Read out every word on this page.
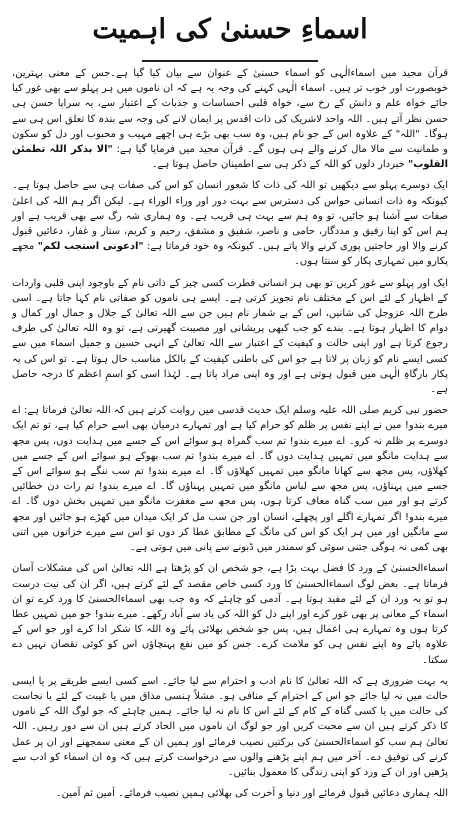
اسماءِ حسنیٰ کی اہمیت

قرآن مجید میں اسماءالٰہی کو اسماء حسنیٰ کے عنوان سے بیان کیا گیا ہے۔جس کے معنی بہترین، خوبصورت اور خوب تر ہیں۔ اسماء الٰہی کہنے کی وجہ یہ ہے کہ ان ناموں میں ہر پہلو سے بھی غور کیا جائے خواہ علم و دانش کے رخ سے، خواہ قلبی احساسات و جذبات کے اعتبار سے، یہ سراپا حسن ہی حسن نظر آتے ہیں۔ اللہ واحد لاشریک کی ذات اقدس پر ایمان لانے کی وجہ سے بندہ کا تعلق اس ہی سے ہوگا۔ "اللہ" کے علاوہ اس کے جو نام ہیں، وہ سب بھی بڑے ہی اچھے مہیب و محبوب اور دل کو سکون و طمانیت سے مالا مال کرنے والے ہی ہوں گے۔ قرآن مجید میں فرمایا گیا ہے: "الا بذکر اللہ تطمئن القلوب" خبردار دلوں کو اللہ کے ذکر ہی سے اطمینان حاصل ہوتا ہے۔

ایک دوسرے پہلو سے دیکھیں تو اللہ کی ذات کا شعور انسان کو اس کی صفات ہی سے حاصل ہوتا ہے۔ کیونکہ وہ ذات انسانی حواس کی دسترس سے بہت دور اور وراء الوراء ہے۔ لیکن اگر ہم اللہ کی اعلیٰ صفات سے آشنا ہو جائیں، تو وہ ہم سے بہت ہی قریب ہے۔ وہ ہماری شہ رگ سے بھی قریب ہے اور ہم اس کو اپنا رفیق و مددگار، حامی و ناصر، شفیق و مشفق، رحیم و کریم، ستار و غفار، دعائیں قبول کرنے والا اور حاجتیں پوری کرنے والا پاتے ہیں۔ کیونکہ وہ خود فرماتا ہے: "ادعونی استجب لکم" مجھے پکارو میں تمہاری پکار کو سنتا ہوں۔

ایک اور پہلو سے غور کریں تو بھی ہر انسانی فطرت کسی چیز کے ذاتی نام کے باوجود اپنی قلبی واردات کے اظہار کے لئے اس کے مختلف نام تجویز کرتی ہے۔ ایسے ہی ناموں کو صفاتی نام کہا جاتا ہے۔ اسی طرح اللہ عزوجل کی شانیں، اس کے بے شمار نام ہیں جن سے اللہ تعالیٰ کے جلال و جمال اور کمال و دوام کا اظہار ہوتا ہے۔ بندے کو جب کبھی پریشانی اور مصیبت گھیرتی ہے، تو وہ اللہ تعالیٰ کی طرف رجوع کرتا ہے اور اپنی حالت و کیفیت کے اعتبار سے اللہ تعالیٰ کے انہی حسین و جمیل اسماء میں سے کسی ایسے نام کو زبان پر لاتا ہے جو اس کی باطنی کیفیت کے بالکل مناسب حال ہوتا ہے۔ تو اس کی یہ پکار بارگاہِ الٰہی میں قبول ہوتی ہے اور وہ اپنی مراد پاتا ہے۔ لہٰذا اسی کو اسمِ اعظم کا درجہ حاصل ہے۔

حضور نبی کریم صلی اللہ علیہ وسلم ایک حدیث قدسی میں روایت کرتے ہیں کہ اللہ تعالیٰ فرماتا ہے: اے میرے بندو! میں نے اپنے نفس پر ظلم کو حرام کیا ہے اور تمہارے درمیان بھی اسے حرام کیا ہے، تو تم ایک دوسرے پر ظلم نہ کرو۔ اے میرے بندو! تم سب گمراہ ہو سوائے اس کے جسے میں ہدایت دوں، پس مجھ سے ہدایت مانگو میں تمہیں ہدایت دوں گا۔ اے میرے بندو! تم سب بھوکے ہو سوائے اس کے جسے میں کھلاؤں، پس مجھ سے کھانا مانگو میں تمہیں کھلاؤں گا۔ اے میرے بندو! تم سب ننگے ہو سوائے اس کے جسے میں پہناؤں، پس مجھ سے لباس مانگو میں تمہیں پہناؤں گا۔ اے میرے بندو! تم رات دن خطائیں کرتے ہو اور میں سب گناہ معاف کرتا ہوں، پس مجھ سے مغفرت مانگو میں تمہیں بخش دوں گا۔ اے میرے بندو! اگر تمہارے اگلے اور پچھلے، انسان اور جن سب مل کر ایک میدان میں کھڑے ہو جائیں اور مجھ سے مانگیں اور میں ہر ایک کو اس کی مانگ کے مطابق عطا کر دوں تو اس سے میرے خزانوں میں اتنی بھی کمی نہ ہوگی جتنی سوئی کو سمندر میں ڈبونے سے پانی میں ہوتی ہے۔

اسماءالحسنیٰ کے ورد کا فضل بہت بڑا ہے، جو شخص ان کو پڑھتا ہے اللہ تعالیٰ اس کی مشکلات آسان فرماتا ہے۔ بعض لوگ اسماءالحسنیٰ کا ورد کسی خاص مقصد کے لئے کرتے ہیں، اگر ان کی نیت درست ہو تو یہ ورد ان کے لئے مفید ہوتا ہے۔ آدمی کو چاہئے کہ وہ جب بھی اسماءالحسنیٰ کا ورد کرے تو ان اسماء کے معانی پر بھی غور کرے اور اپنے دل کو اللہ کی یاد سے آباد رکھے۔ میرے بندو! جو میں تمہیں عطا کرتا ہوں وہ تمہارے ہی اعمال ہیں، پس جو شخص بھلائی پائے وہ اللہ کا شکر ادا کرے اور جو اس کے علاوہ پائے وہ اپنے نفس ہی کو ملامت کرے۔ جس کو میں نفع پہنچاؤں اس کو کوئی نقصان نہیں دے سکتا۔

یہ بہت ضروری ہے کہ اللہ تعالیٰ کا نام ادب و احترام سے لیا جائے۔ اسے کسی ایسے طریقے پر یا ایسی حالت میں نہ لیا جائے جو اس کے احترام کے منافی ہو۔ مشلاً ہنسی مذاق میں یا غیبت کے لئے یا نجاست کی حالت میں یا کسی گناہ کے کام کے لئے اس کا نام نہ لیا جائے۔ ہمیں چاہئے کہ جو لوگ اللہ کے ناموں کا ذکر کرتے ہیں ان سے محبت کریں اور جو لوگ ان ناموں میں الحاد کرتے ہیں ان سے دور رہیں۔ اللہ تعالیٰ ہم سب کو اسماءالحسنیٰ کی برکتیں نصیب فرمائے اور ہمیں ان کے معنی سمجھنے اور ان پر عمل کرنے کی توفیق دے۔ آخر میں ہم اپنے پڑھنے والوں سے درخواست کرتے ہیں کہ وہ ان اسماء کو ادب سے پڑھیں اور ان کے ورد کو اپنی زندگی کا معمول بنائیں۔

اللہ ہماری دعائیں قبول فرمائے اور دنیا و آخرت کی بھلائی ہمیں نصیب فرمائے۔ آمین ثم آمین۔
